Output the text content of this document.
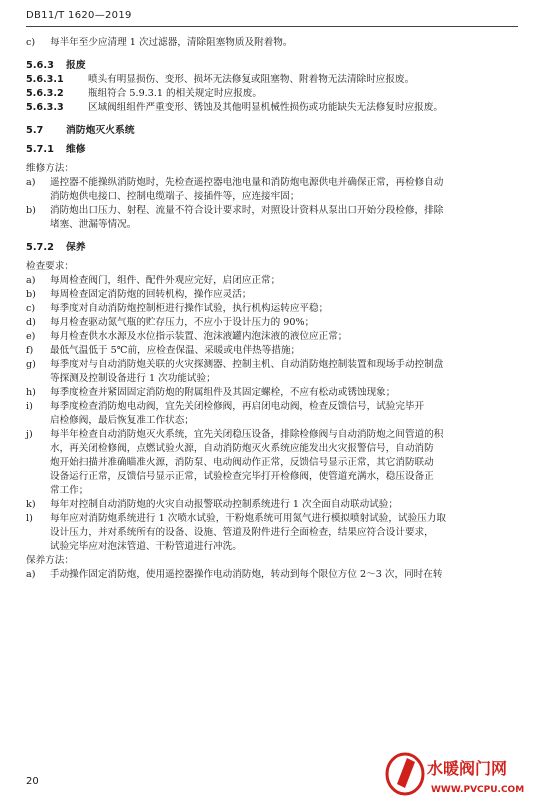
DB11/T 1620—2019
c)	每半年至少应清理 1 次过滤器，清除阻塞物质及附着物。
5.6.3 报废
5.6.3.1	喷头有明显损伤、变形、损坏无法修复或阻塞物、附着物无法清除时应报废。
5.6.3.2	瓶组符合 5.9.3.1 的相关规定时应报废。
5.6.3.3	区域阀组组件严重变形、锈蚀及其他明显机械性损伤或功能缺失无法修复时应报废。
5.7 消防炮灭火系统
5.7.1 维修
维修方法：
a)	遥控器不能操纵消防炮时，先检查遥控器电池电量和消防炮电源供电并确保正常，再检修自动
消防炮供电接口、控制电缆端子、接插件等，应连接牢固；
b)	消防炮出口压力、射程、流量不符合设计要求时，对照设计资料从泵出口开始分段检修，排除
堵塞、泄漏等情况。
5.7.2 保养
检查要求：
a)	每周检查阀门，组件、配件外观应完好，启闭应正常；
b)	每周检查固定消防炮的回转机构，操作应灵活；
c)	每季度对自动消防炮控制柜进行操作试验，执行机构运转应平稳；
d)	每月检查驱动氮气瓶的贮存压力，不应小于设计压力的 90%；
e)	每月检查供水水源及水位指示装置、泡沫液罐内泡沫液的液位应正常；
f)	最低气温低于 5℃前，应检查保温、采暖或电伴热等措施；
g)	每季度对与自动消防炮关联的火灾探测器、控制主机、自动消防炮控制装置和现场手动控制盘
等探测及控制设备进行 1 次功能试验；
h)	每季度检查并紧固固定消防炮的附属组件及其固定螺栓，不应有松动或锈蚀现象；
i)	每季度检查消防炮电动阀，宜先关闭检修阀，再启闭电动阀，检查反馈信号，试验完毕开
启检修阀，最后恢复准工作状态；
j)	每半年检查自动消防炮灭火系统，宜先关闭稳压设备，排除检修阀与自动消防炮之间管道的积
水，再关闭检修阀，点燃试验火源，自动消防炮灭火系统应能发出火灾报警信号，自动消防
炮开始扫描并准确瞄准火源，消防泵、电动阀动作正常，反馈信号显示正常，其它消防联动
设备运行正常，反馈信号显示正常，试验检查完毕打开检修阀，使管道充满水，稳压设备正
常工作；
k)	每年对控制自动消防炮的火灾自动报警联动控制系统进行 1 次全面自动联动试验；
l)	每年应对消防炮系统进行 1 次喷水试验，干粉炮系统可用氮气进行模拟喷射试验，试验压力取
设计压力，并对系统所有的设备、设施、管道及附件进行全面检查，结果应符合设计要求，
试验完毕应对泡沫管道、干粉管道进行冲洗。
保养方法：
a)	手动操作固定消防炮，使用遥控器操作电动消防炮，转动到每个限位方位 2～3 次，同时在转
20
水暖阀门网
WWW.PVCPU.COM
